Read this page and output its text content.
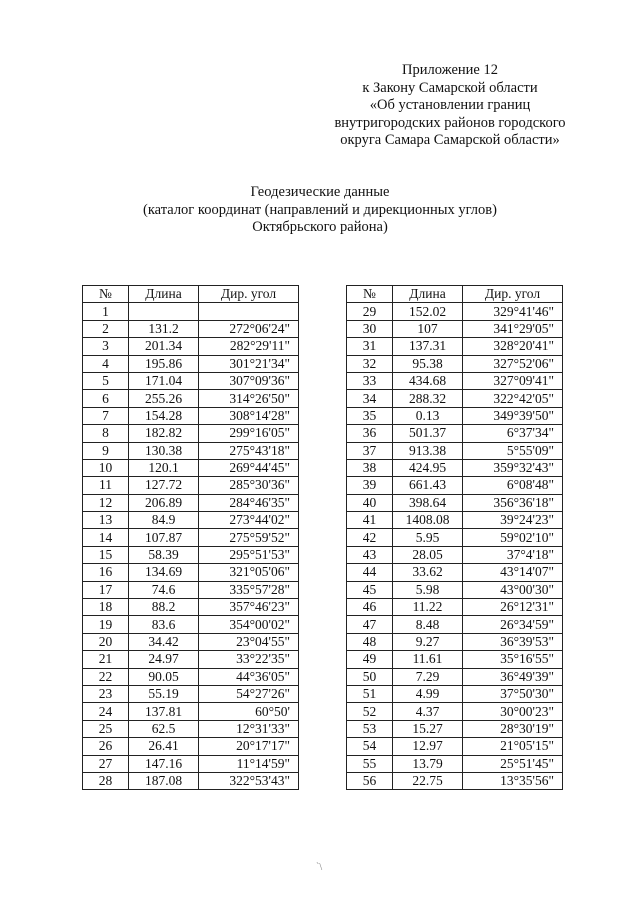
Приложение 12
к Закону Самарской области
«Об установлении границ
внутригородских районов городского
округа Самара Самарской области»
Геодезические данные
(каталог координат (направлений и дирекционных углов)
Октябрьского района)
№	Длина	Дир. угол
1		
2	131.2	272°06'24"
3	201.34	282°29'11"
4	195.86	301°21'34"
5	171.04	307°09'36"
6	255.26	314°26'50"
7	154.28	308°14'28"
8	182.82	299°16'05"
9	130.38	275°43'18"
10	120.1	269°44'45"
11	127.72	285°30'36"
12	206.89	284°46'35"
13	84.9	273°44'02"
14	107.87	275°59'52"
15	58.39	295°51'53"
16	134.69	321°05'06"
17	74.6	335°57'28"
18	88.2	357°46'23"
19	83.6	354°00'02"
20	34.42	23°04'55"
21	24.97	33°22'35"
22	90.05	44°36'05"
23	55.19	54°27'26"
24	137.81	60°50'
25	62.5	12°31'33"
26	26.41	20°17'17"
27	147.16	11°14'59"
28	187.08	322°53'43"
№	Длина	Дир. угол
29	152.02	329°41'46"
30	107	341°29'05"
31	137.31	328°20'41"
32	95.38	327°52'06"
33	434.68	327°09'41"
34	288.32	322°42'05"
35	0.13	349°39'50"
36	501.37	6°37'34"
37	913.38	5°55'09"
38	424.95	359°32'43"
39	661.43	6°08'48"
40	398.64	356°36'18"
41	1408.08	39°24'23"
42	5.95	59°02'10"
43	28.05	37°4'18"
44	33.62	43°14'07"
45	5.98	43°00'30"
46	11.22	26°12'31"
47	8.48	26°34'59"
48	9.27	36°39'53"
49	11.61	35°16'55"
50	7.29	36°49'39"
51	4.99	37°50'30"
52	4.37	30°00'23"
53	15.27	28°30'19"
54	12.97	21°05'15"
55	13.79	25°51'45"
56	22.75	13°35'56"
`\
